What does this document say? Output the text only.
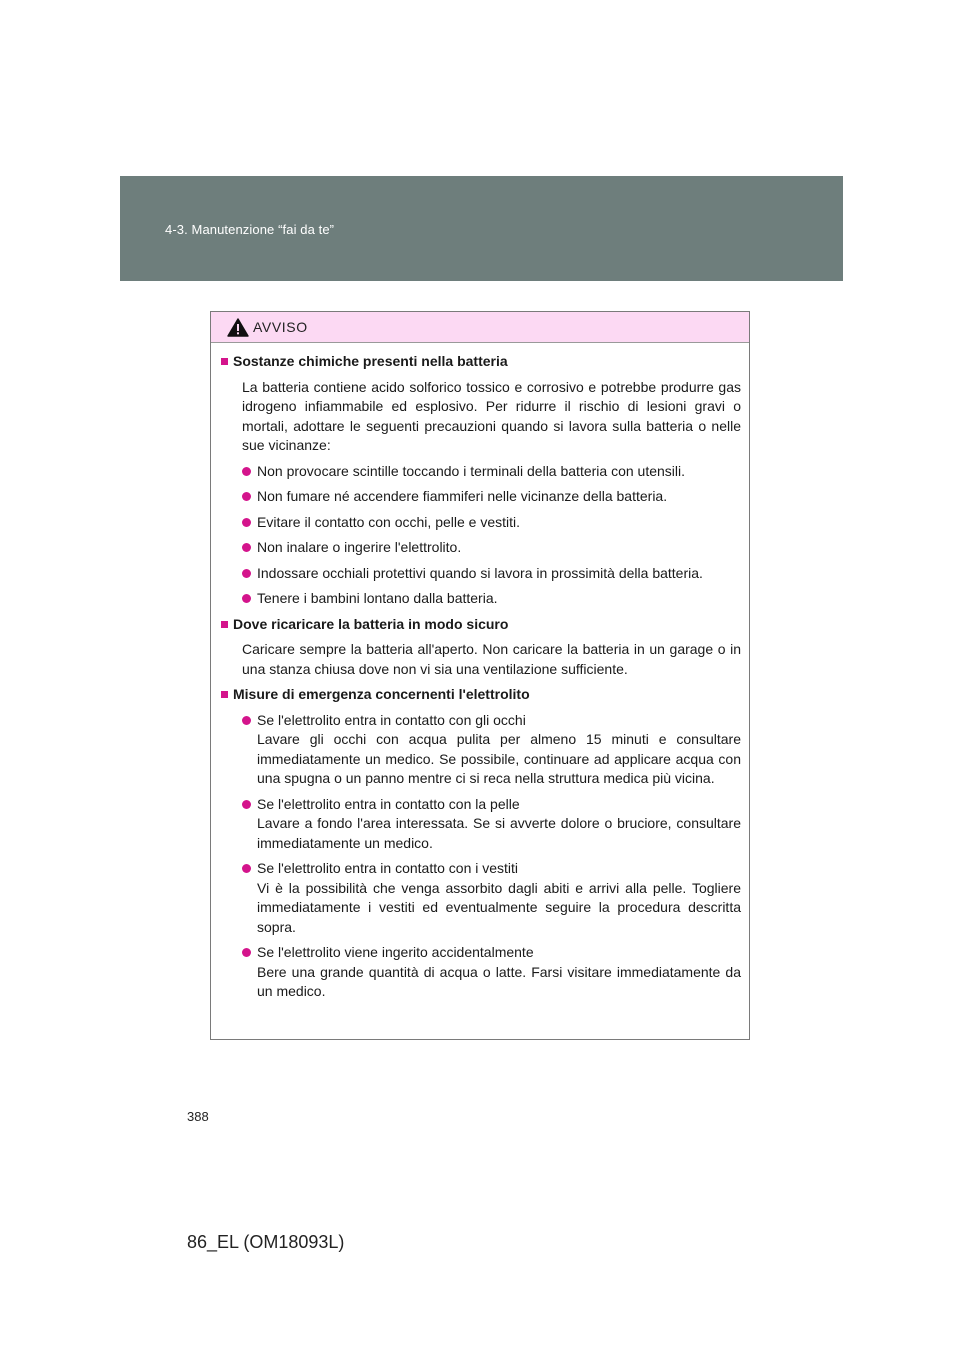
4-3. Manutenzione “fai da te”
AVVISO
Sostanze chimiche presenti nella batteria
La batteria contiene acido solforico tossico e corrosivo e potrebbe produrre gas idrogeno infiammabile ed esplosivo. Per ridurre il rischio di lesioni gravi o mortali, adottare le seguenti precauzioni quando si lavora sulla batteria o nelle sue vicinanze:
Non provocare scintille toccando i terminali della batteria con utensili.
Non fumare né accendere fiammiferi nelle vicinanze della batteria.
Evitare il contatto con occhi, pelle e vestiti.
Non inalare o ingerire l'elettrolito.
Indossare occhiali protettivi quando si lavora in prossimità della batteria.
Tenere i bambini lontano dalla batteria.
Dove ricaricare la batteria in modo sicuro
Caricare sempre la batteria all'aperto. Non caricare la batteria in un garage o in una stanza chiusa dove non vi sia una ventilazione sufficiente.
Misure di emergenza concernenti l'elettrolito
Se l'elettrolito entra in contatto con gli occhi
Lavare gli occhi con acqua pulita per almeno 15 minuti e consultare immediatamente un medico. Se possibile, continuare ad applicare acqua con una spugna o un panno mentre ci si reca nella struttura medica più vicina.
Se l'elettrolito entra in contatto con la pelle
Lavare a fondo l'area interessata. Se si avverte dolore o bruciore, consultare immediatamente un medico.
Se l'elettrolito entra in contatto con i vestiti
Vi è la possibilità che venga assorbito dagli abiti e arrivi alla pelle. Togliere immediatamente i vestiti ed eventualmente seguire la procedura descritta sopra.
Se l'elettrolito viene ingerito accidentalmente
Bere una grande quantità di acqua o latte. Farsi visitare immediatamente da un medico.
388
86_EL (OM18093L)
